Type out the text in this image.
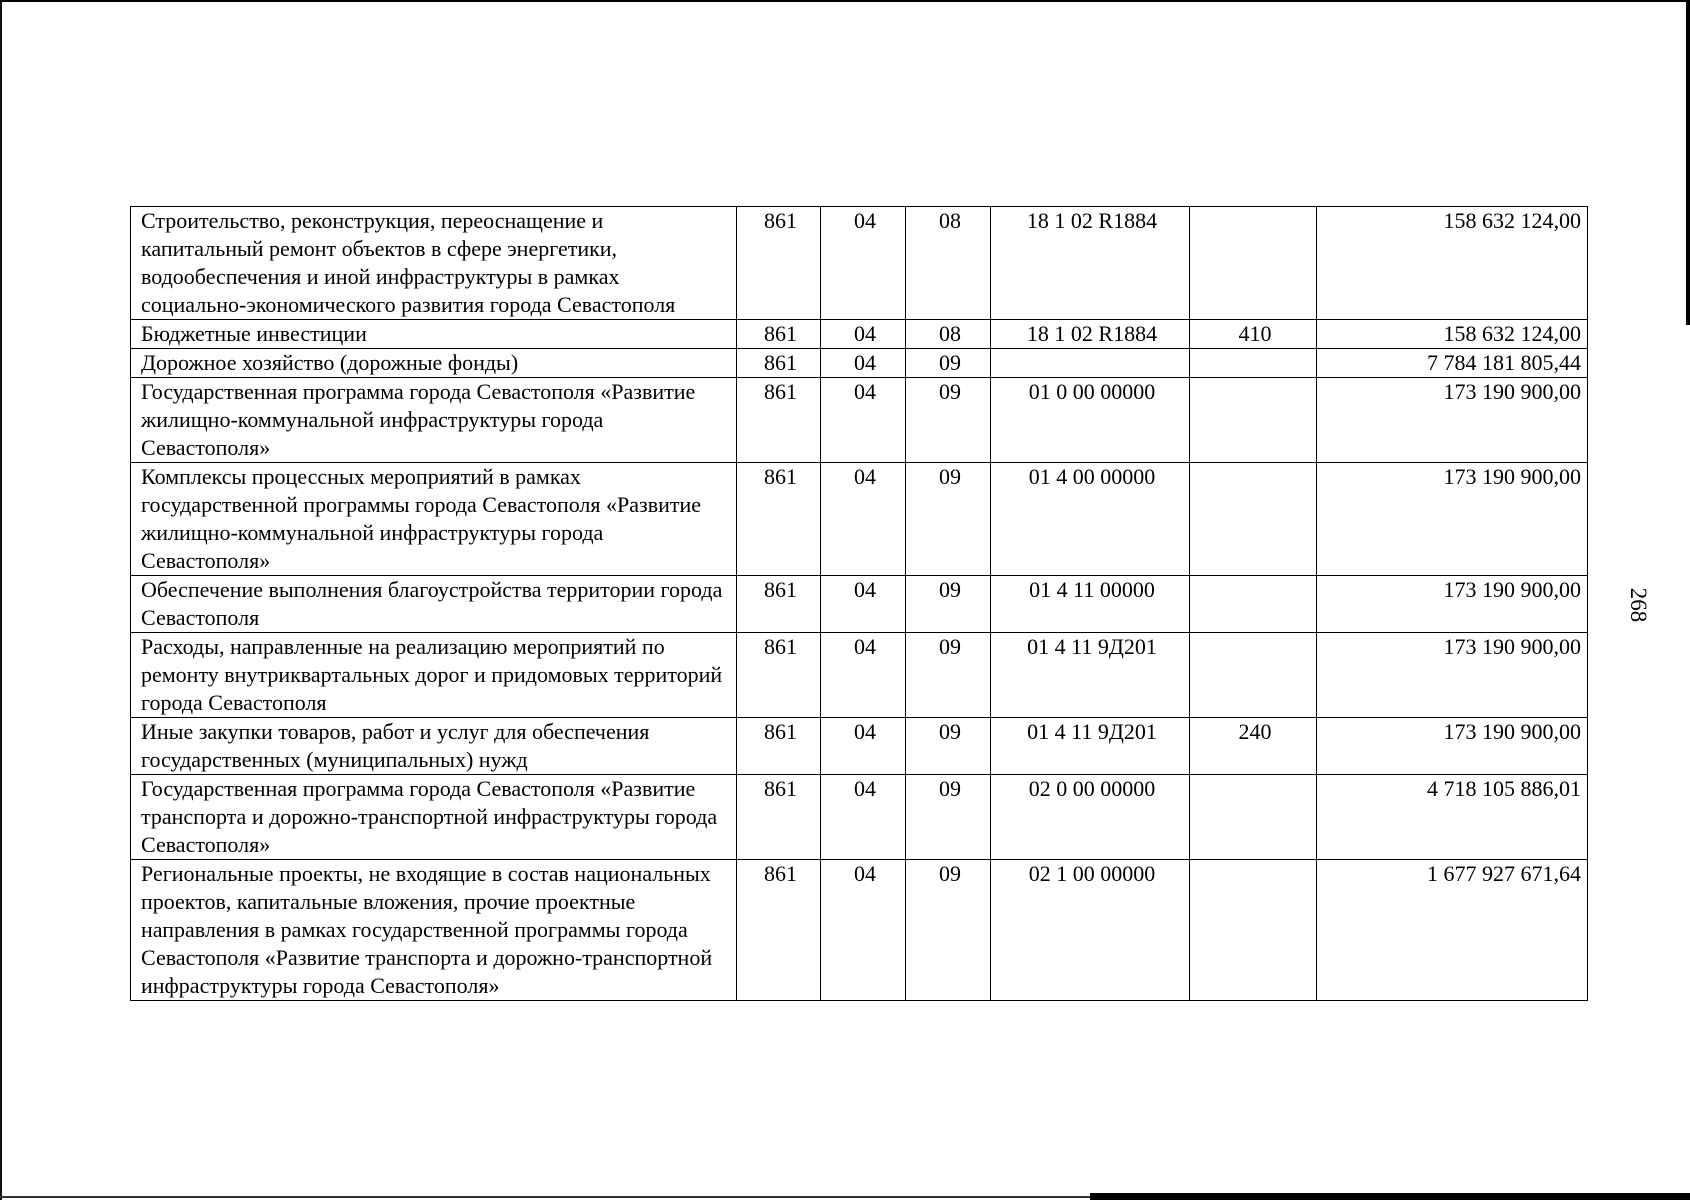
268
Строительство, реконструкция, переоснащение и капитальный ремонт объектов в сфере энергетики, водообеспечения и иной инфраструктуры в рамках социально-экономического развития города Севастополя	861	04	08	18 1 02 R1884		158 632 124,00
Бюджетные инвестиции	861	04	08	18 1 02 R1884	410	158 632 124,00
Дорожное хозяйство (дорожные фонды)	861	04	09			7 784 181 805,44
Государственная программа города Севастополя «Развитие жилищно-коммунальной инфраструктуры города Севастополя»	861	04	09	01 0 00 00000		173 190 900,00
Комплексы процессных мероприятий в рамках государственной программы города Севастополя «Развитие жилищно-коммунальной инфраструктуры города Севастополя»	861	04	09	01 4 00 00000		173 190 900,00
Обеспечение выполнения благоустройства территории города Севастополя	861	04	09	01 4 11 00000		173 190 900,00
Расходы, направленные на реализацию мероприятий по ремонту внутриквартальных дорог и придомовых территорий города Севастополя	861	04	09	01 4 11 9Д201		173 190 900,00
Иные закупки товаров, работ и услуг для обеспечения государственных (муниципальных) нужд	861	04	09	01 4 11 9Д201	240	173 190 900,00
Государственная программа города Севастополя «Развитие транспорта и дорожно-транспортной инфраструктуры города Севастополя»	861	04	09	02 0 00 00000		4 718 105 886,01
Региональные проекты, не входящие в состав национальных проектов, капитальные вложения, прочие проектные направления в рамках государственной программы города Севастополя «Развитие транспорта и дорожно-транспортной инфраструктуры города Севастополя»	861	04	09	02 1 00 00000		1 677 927 671,64
